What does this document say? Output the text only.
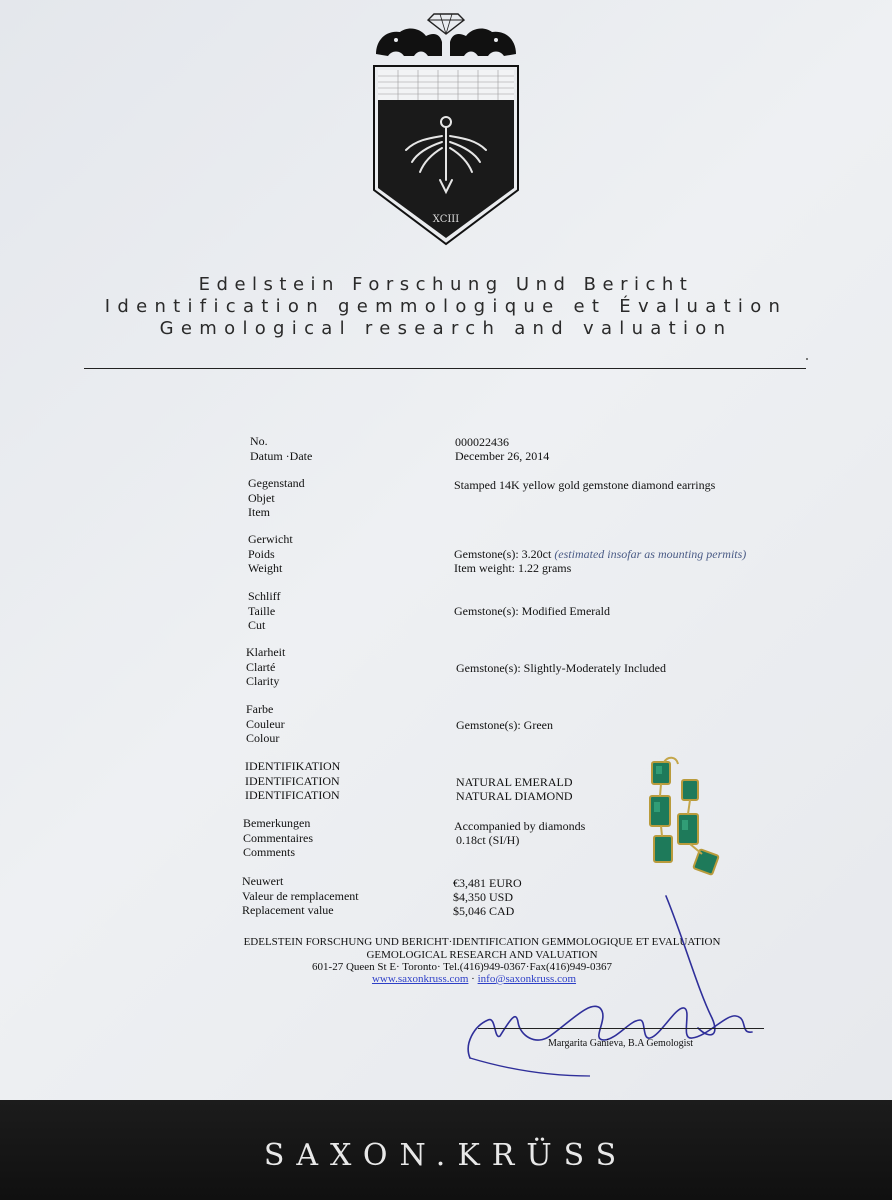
XCIII

Edelstein Forschung Und Bericht

Identification gemmologique et Évaluation

Gemological research and valuation

No.
Datum ·Date
Gegenstand
Objet
Item
Gerwicht
Poids
Weight
Schliff
Taille
Cut
Klarheit
Clarté
Clarity
Farbe
Couleur
Colour
IDENTIFIKATION
IDENTIFICATION
IDENTIFICATION
Bemerkungen
Commentaires
Comments
Neuwert
Valeur de remplacement
Replacement value
000022436
December 26, 2014
Stamped 14K yellow gold gemstone diamond earrings
Gemstone(s): 3.20ct (estimated insofar as mounting permits)
Item weight: 1.22 grams
Gemstone(s): Modified Emerald
Gemstone(s): Slightly-Moderately Included
Gemstone(s): Green
NATURAL EMERALD
NATURAL DIAMOND
Accompanied by diamonds
0.18ct (SI/H)
€3,481 EURO
$4,350 USD
$5,046 CAD
EDELSTEIN FORSCHUNG UND BERICHT·IDENTIFICATION GEMMOLOGIQUE ET EVALUATION
GEMOLOGICAL RESEARCH AND VALUATION
601-27 Queen St E· Toronto· Tel.(416)949-0367·Fax(416)949-0367
www.saxonkruss.com · info@saxonkruss.com
Margarita Ganieva, B.A Gemologist
SAXON.KRÜSS
